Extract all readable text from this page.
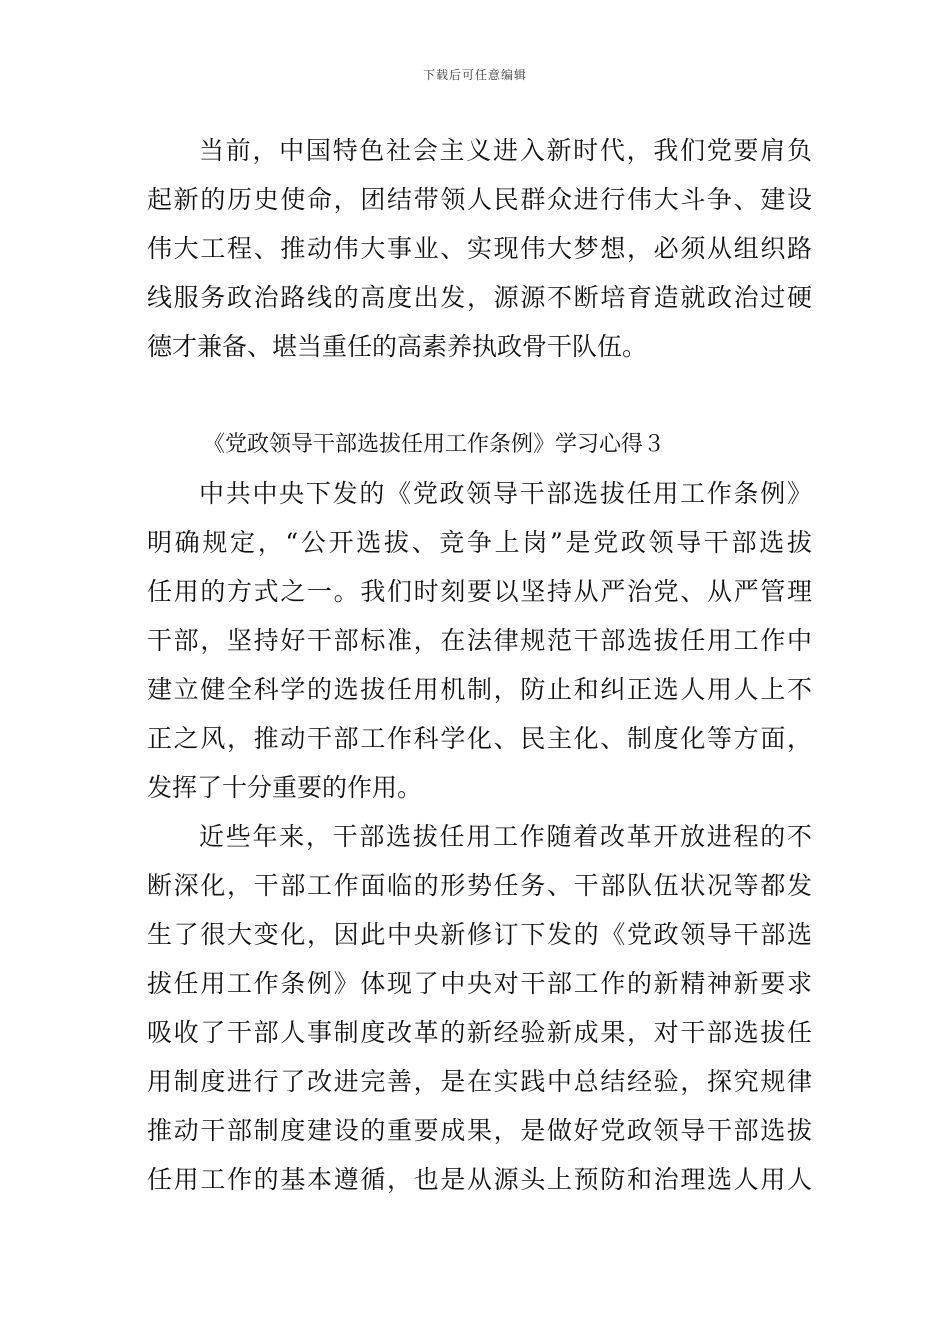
下载后可任意编辑
当前，中国特色社会主义进入新时代，我们党要肩负
起新的历史使命，团结带领人民群众进行伟大斗争、建设
伟大工程、推动伟大事业、实现伟大梦想，必须从组织路
线服务政治路线的高度出发，源源不断培育造就政治过硬
德才兼备、堪当重任的高素养执政骨干队伍。
《党政领导干部选拔任用工作条例》学习心得３
中共中央下发的《党政领导干部选拔任用工作条例》
明确规定，“公开选拔、竞争上岗”是党政领导干部选拔
任用的方式之一。我们时刻要以坚持从严治党、从严管理
干部，坚持好干部标准，在法律规范干部选拔任用工作中
建立健全科学的选拔任用机制，防止和纠正选人用人上不
正之风，推动干部工作科学化、民主化、制度化等方面，
发挥了十分重要的作用。
近些年来，干部选拔任用工作随着改革开放进程的不
断深化，干部工作面临的形势任务、干部队伍状况等都发
生了很大变化，因此中央新修订下发的《党政领导干部选
拔任用工作条例》体现了中央对干部工作的新精神新要求
吸收了干部人事制度改革的新经验新成果，对干部选拔任
用制度进行了改进完善，是在实践中总结经验，探究规律
推动干部制度建设的重要成果，是做好党政领导干部选拔
任用工作的基本遵循，也是从源头上预防和治理选人用人
